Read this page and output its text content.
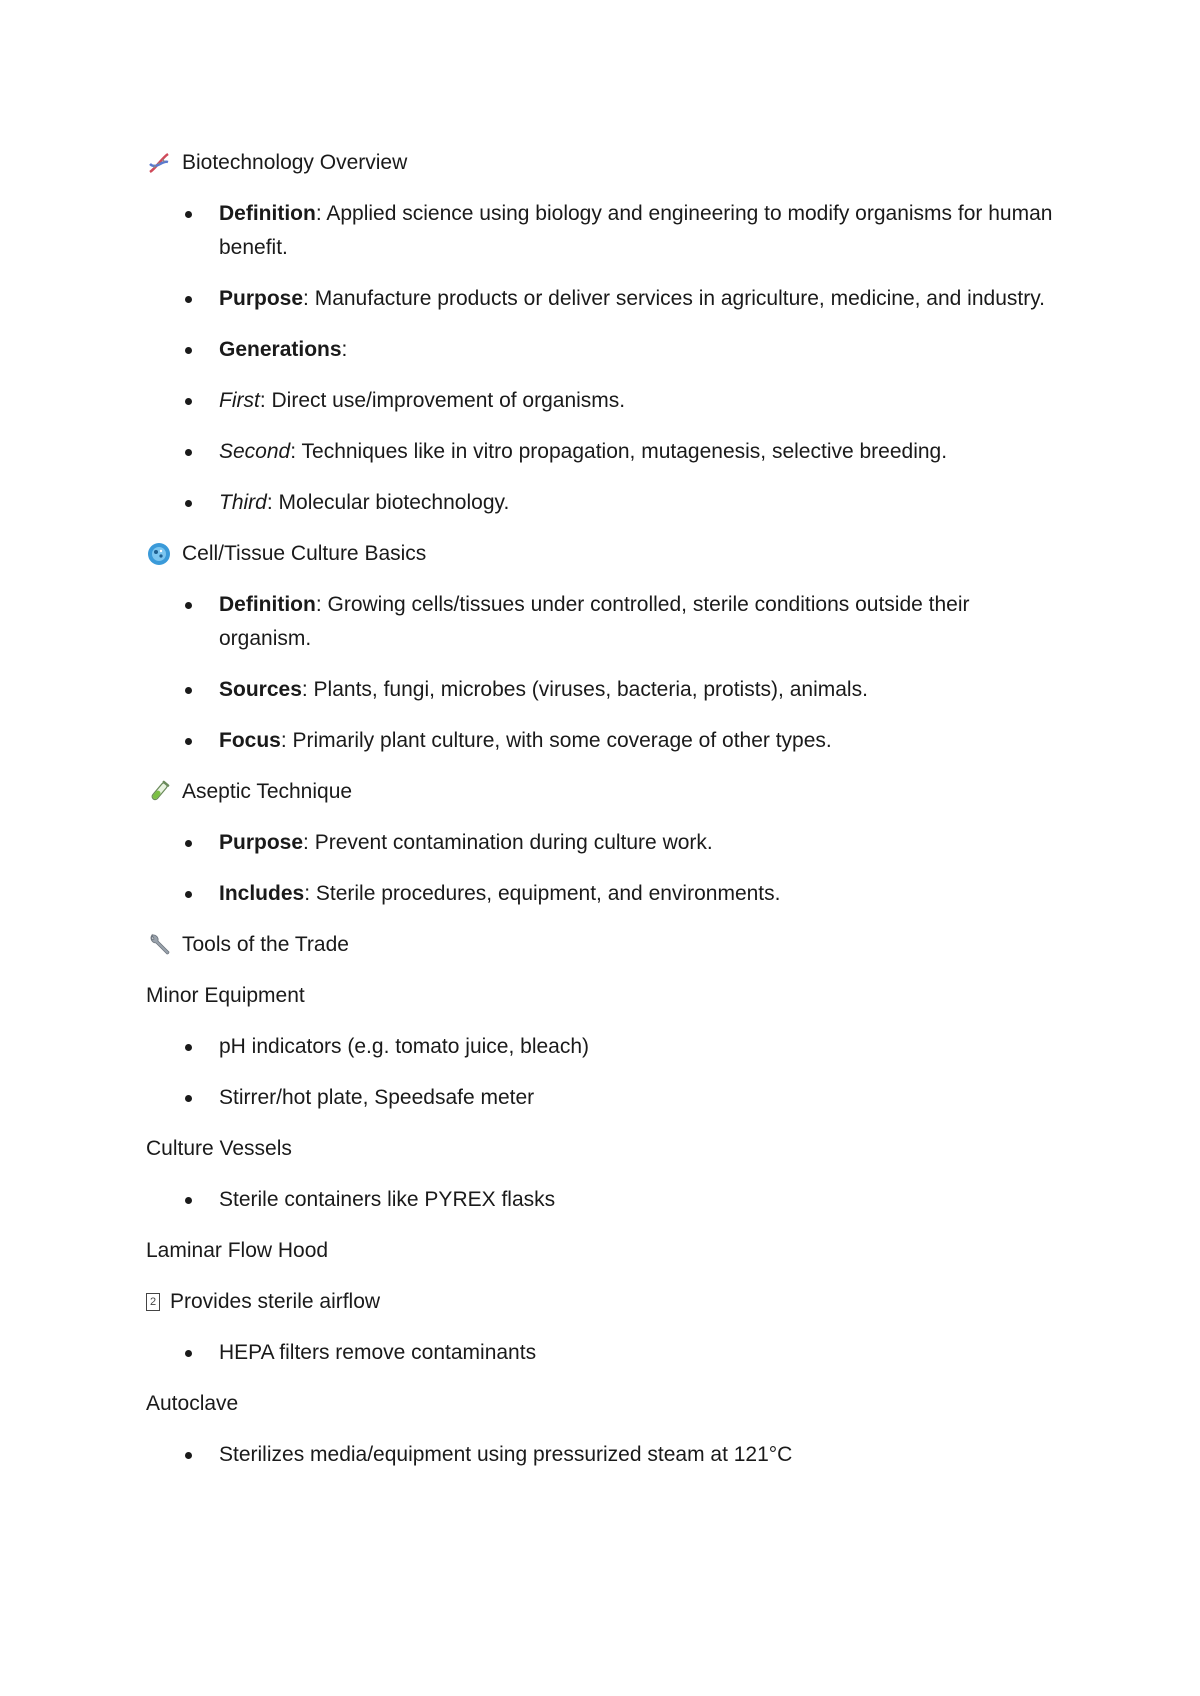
Biotechnology Overview
Definition: Applied science using biology and engineering to modify organisms for human benefit.
Purpose: Manufacture products or deliver services in agriculture, medicine, and industry.
Generations:
First: Direct use/improvement of organisms.
Second: Techniques like in vitro propagation, mutagenesis, selective breeding.
Third: Molecular biotechnology.
Cell/Tissue Culture Basics
Definition: Growing cells/tissues under controlled, sterile conditions outside their organism.
Sources: Plants, fungi, microbes (viruses, bacteria, protists), animals.
Focus: Primarily plant culture, with some coverage of other types.
Aseptic Technique
Purpose: Prevent contamination during culture work.
Includes: Sterile procedures, equipment, and environments.
Tools of the Trade
Minor Equipment
pH indicators (e.g. tomato juice, bleach)
Stirrer/hot plate, Speedsafe meter
Culture Vessels
Sterile containers like PYREX flasks
Laminar Flow Hood
2 Provides sterile airflow
HEPA filters remove contaminants
Autoclave
Sterilizes media/equipment using pressurized steam at 121°C
